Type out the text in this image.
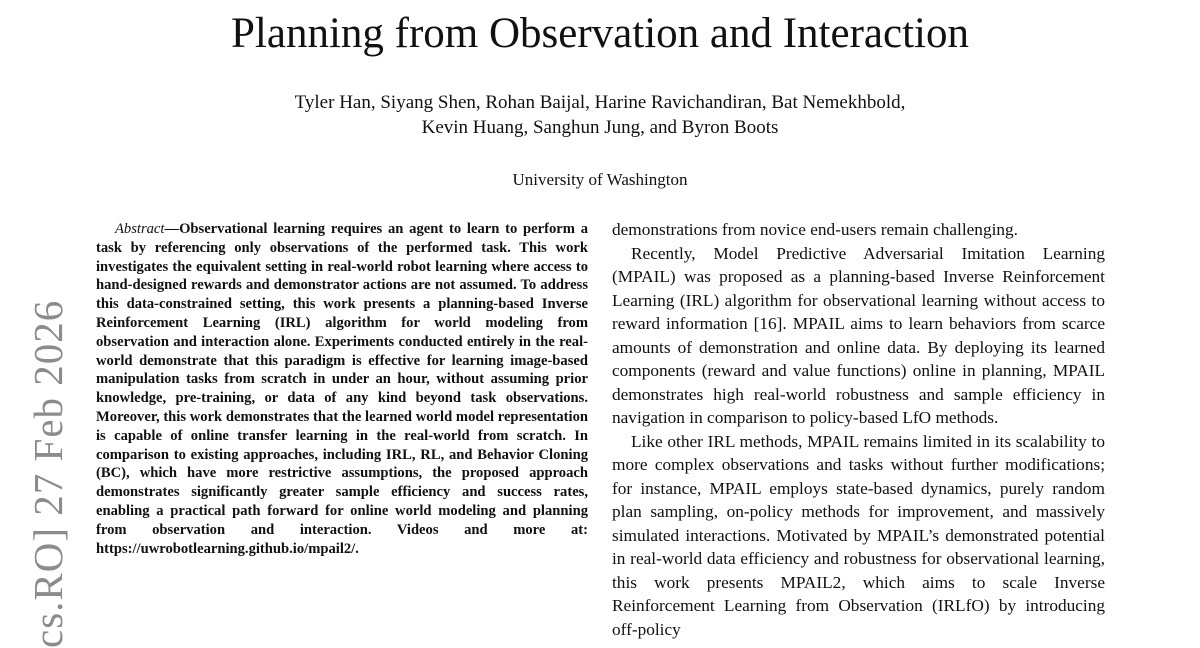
Planning from Observation and Interaction
Tyler Han, Siyang Shen, Rohan Baijal, Harine Ravichandiran, Bat Nemekhbold,
Kevin Huang, Sanghun Jung, and Byron Boots
University of Washington
cs.RO] 27 Feb 2026

Abstract—Observational learning requires an agent to learn to perform a task by referencing only observations of the performed task. This work investigates the equivalent setting in real-world robot learning where access to hand-designed rewards and demonstrator actions are not assumed. To address this data-constrained setting, this work presents a planning-based Inverse Reinforcement Learning (IRL) algorithm for world modeling from observation and interaction alone. Experiments conducted entirely in the real-world demonstrate that this paradigm is effective for learning image-based manipulation tasks from scratch in under an hour, without assuming prior knowledge, pre-training, or data of any kind beyond task observations. Moreover, this work demonstrates that the learned world model representation is capable of online transfer learning in the real-world from scratch. In comparison to existing approaches, including IRL, RL, and Behavior Cloning (BC), which have more restrictive assumptions, the proposed approach demonstrates significantly greater sample efficiency and success rates, enabling a practical path forward for online world modeling and planning from observation and interaction. Videos and more at: https://uwrobotlearning.github.io/mpail2/.

demonstrations from novice end-users remain challenging.

Recently, Model Predictive Adversarial Imitation Learning (MPAIL) was proposed as a planning-based Inverse Reinforcement Learning (IRL) algorithm for observational learning without access to reward information [16]. MPAIL aims to learn behaviors from scarce amounts of demonstration and online data. By deploying its learned components (reward and value functions) online in planning, MPAIL demonstrates high real-world robustness and sample efficiency in navigation in comparison to policy-based LfO methods.

Like other IRL methods, MPAIL remains limited in its scalability to more complex observations and tasks without further modifications; for instance, MPAIL employs state-based dynamics, purely random plan sampling, on-policy methods for improvement, and massively simulated interactions. Motivated by MPAIL’s demonstrated potential in real-world data efficiency and robustness for observational learning, this work presents MPAIL2, which aims to scale Inverse Reinforcement Learning from Observation (IRLfO) by introducing off-policy
